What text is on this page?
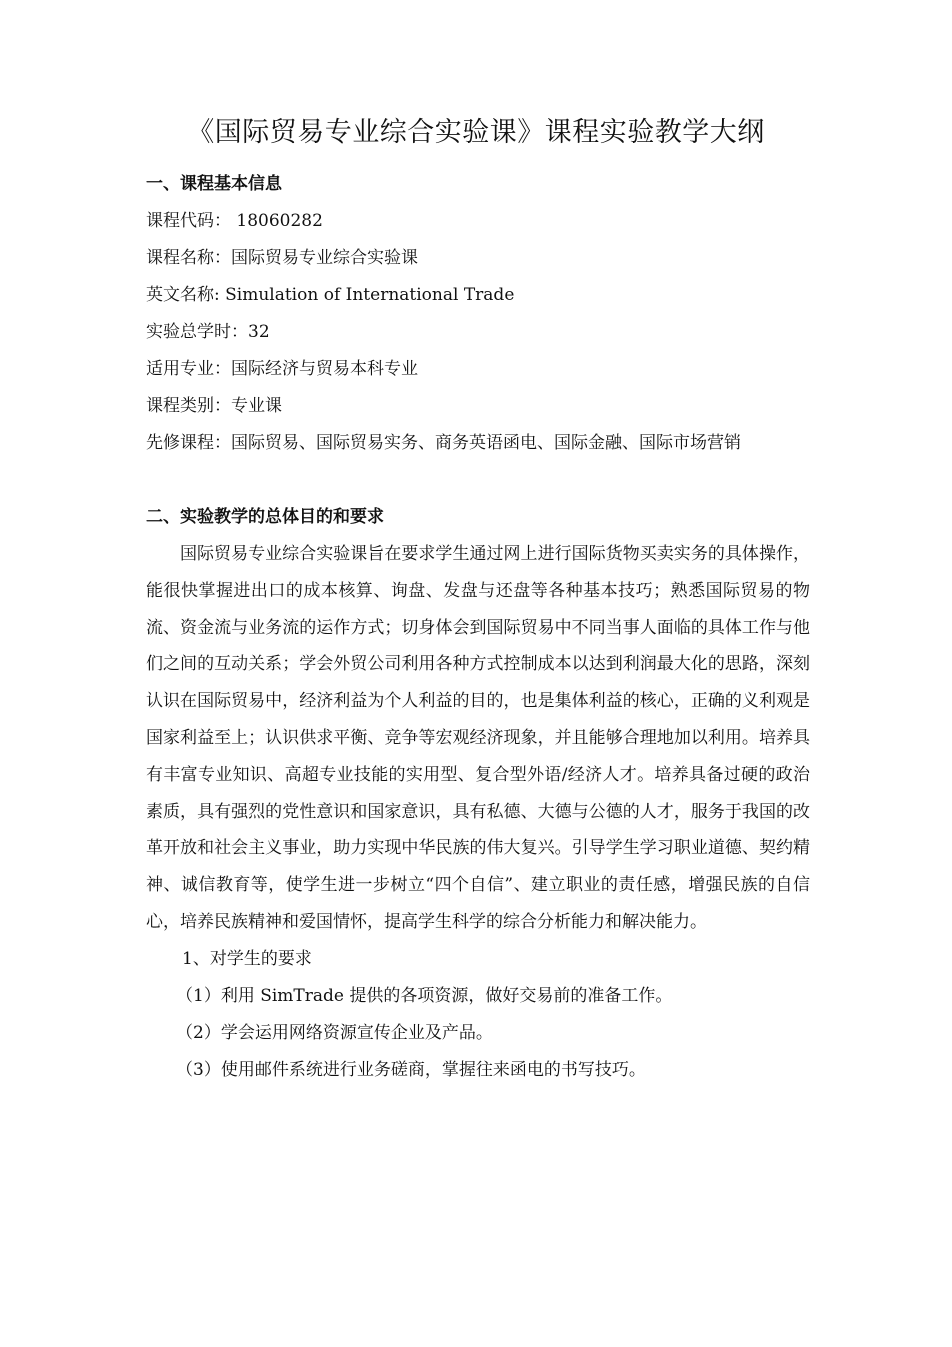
《国际贸易专业综合实验课》课程实验教学大纲
一、课程基本信息
课程代码： 18060282
课程名称：国际贸易专业综合实验课
英文名称: Simulation of International Trade
实验总学时：32
适用专业：国际经济与贸易本科专业
课程类别：专业课
先修课程：国际贸易、国际贸易实务、商务英语函电、国际金融、国际市场营销
二、实验教学的总体目的和要求

国际贸易专业综合实验课旨在要求学生通过网上进行国际货物买卖实务的具体操作，能很快掌握进出口的成本核算、询盘、发盘与还盘等各种基本技巧；熟悉国际贸易的物流、资金流与业务流的运作方式；切身体会到国际贸易中不同当事人面临的具体工作与他们之间的互动关系；学会外贸公司利用各种方式控制成本以达到利润最大化的思路，深刻认识在国际贸易中，经济利益为个人利益的目的，也是集体利益的核心，正确的义利观是国家利益至上；认识供求平衡、竞争等宏观经济现象，并且能够合理地加以利用。培养具有丰富专业知识、高超专业技能的实用型、复合型外语/经济人才。培养具备过硬的政治素质，具有强烈的党性意识和国家意识，具有私德、大德与公德的人才，服务于我国的改革开放和社会主义事业，助力实现中华民族的伟大复兴。引导学生学习职业道德、契约精神、诚信教育等，使学生进一步树立“四个自信”、建立职业的责任感，增强民族的自信心，培养民族精神和爱国情怀，提高学生科学的综合分析能力和解决能力。

1、对学生的要求
（1）利用 SimTrade 提供的各项资源，做好交易前的准备工作。
（2）学会运用网络资源宣传企业及产品。
（3）使用邮件系统进行业务磋商，掌握往来函电的书写技巧。
